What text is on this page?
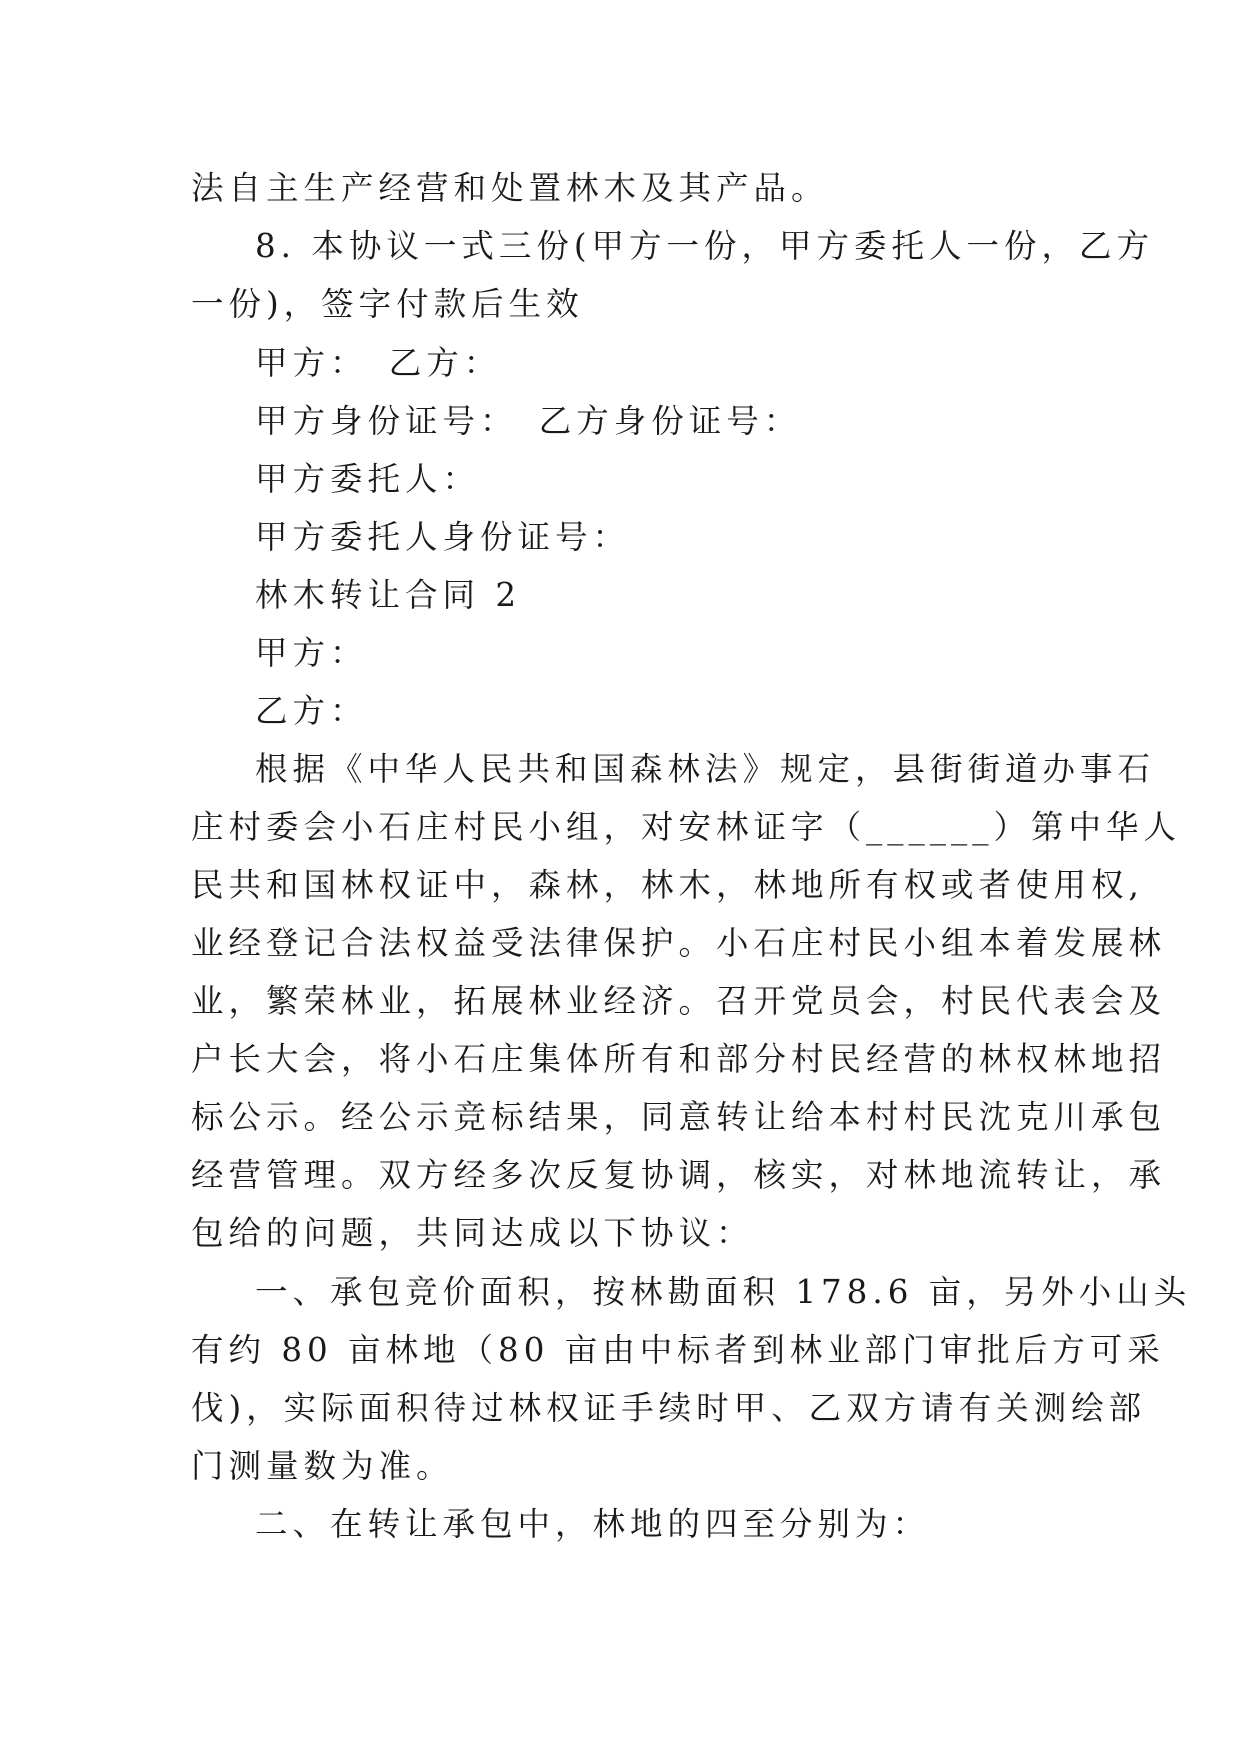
法自主生产经营和处置林木及其产品。
8. 本协议一式三份(甲方一份，甲方委托人一份，乙方
一份)，签字付款后生效
甲方：　乙方：
甲方身份证号：　乙方身份证号：
甲方委托人：
甲方委托人身份证号：
林木转让合同 2
甲方：
乙方：
根据《中华人民共和国森林法》规定，县街街道办事石
庄村委会小石庄村民小组，对安林证字（______）第中华人
民共和国林权证中，森林，林木，林地所有权或者使用权,
业经登记合法权益受法律保护。小石庄村民小组本着发展林
业，繁荣林业，拓展林业经济。召开党员会，村民代表会及
户长大会，将小石庄集体所有和部分村民经营的林权林地招
标公示。经公示竞标结果，同意转让给本村村民沈克川承包
经营管理。双方经多次反复协调，核实，对林地流转让，承
包给的问题，共同达成以下协议：
一、承包竞价面积，按林勘面积 178.6 亩，另外小山头
有约 80 亩林地（80 亩由中标者到林业部门审批后方可采
伐)，实际面积待过林权证手续时甲、乙双方请有关测绘部
门测量数为准。
二、在转让承包中，林地的四至分别为：
